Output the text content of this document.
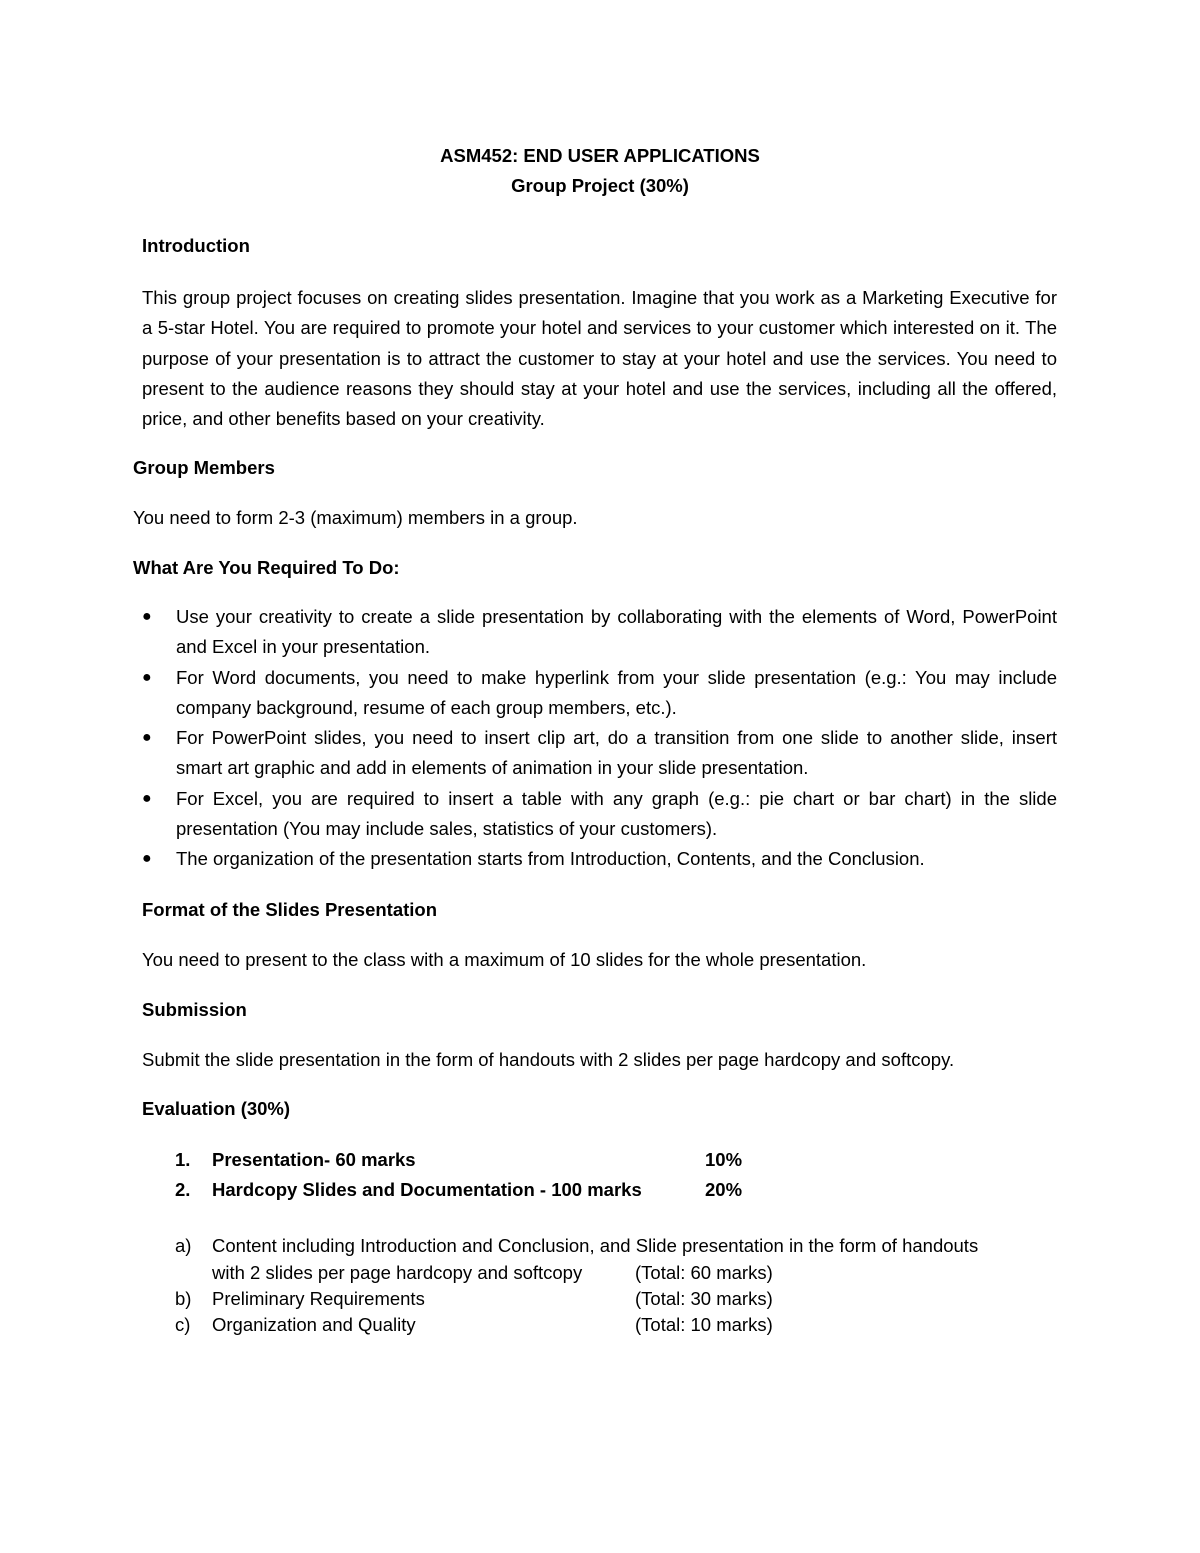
ASM452: END USER APPLICATIONS
Group Project (30%)
Introduction

This group project focuses on creating slides presentation. Imagine that you work as a Marketing Executive for a 5-star Hotel. You are required to promote your hotel and services to your customer which interested on it. The purpose of your presentation is to attract the customer to stay at your hotel and use the services. You need to present to the audience reasons they should stay at your hotel and use the services, including all the offered, price, and other benefits based on your creativity.

Group Members
You need to form 2-3 (maximum) members in a group.
What Are You Required To Do:
● Use your creativity to create a slide presentation by collaborating with the elements of Word, PowerPoint and Excel in your presentation.
● For Word documents, you need to make hyperlink from your slide presentation (e.g.: You may include company background, resume of each group members, etc.).
● For PowerPoint slides, you need to insert clip art, do a transition from one slide to another slide, insert smart art graphic and add in elements of animation in your slide presentation.
● For Excel, you are required to insert a table with any graph (e.g.: pie chart or bar chart) in the slide presentation (You may include sales, statistics of your customers).
● The organization of the presentation starts from Introduction, Contents, and the Conclusion.
Format of the Slides Presentation
You need to present to the class with a maximum of 10 slides for the whole presentation.
Submission
Submit the slide presentation in the form of handouts with 2 slides per page hardcopy and softcopy.
Evaluation (30%)
1. Presentation- 60 marks	10%
2. Hardcopy Slides and Documentation - 100 marks	20%
a) Content including Introduction and Conclusion, and Slide presentation in the form of handouts
with 2 slides per page hardcopy and softcopy	(Total: 60 marks)
b) Preliminary Requirements	(Total: 30 marks)
c) Organization and Quality	(Total: 10 marks)
